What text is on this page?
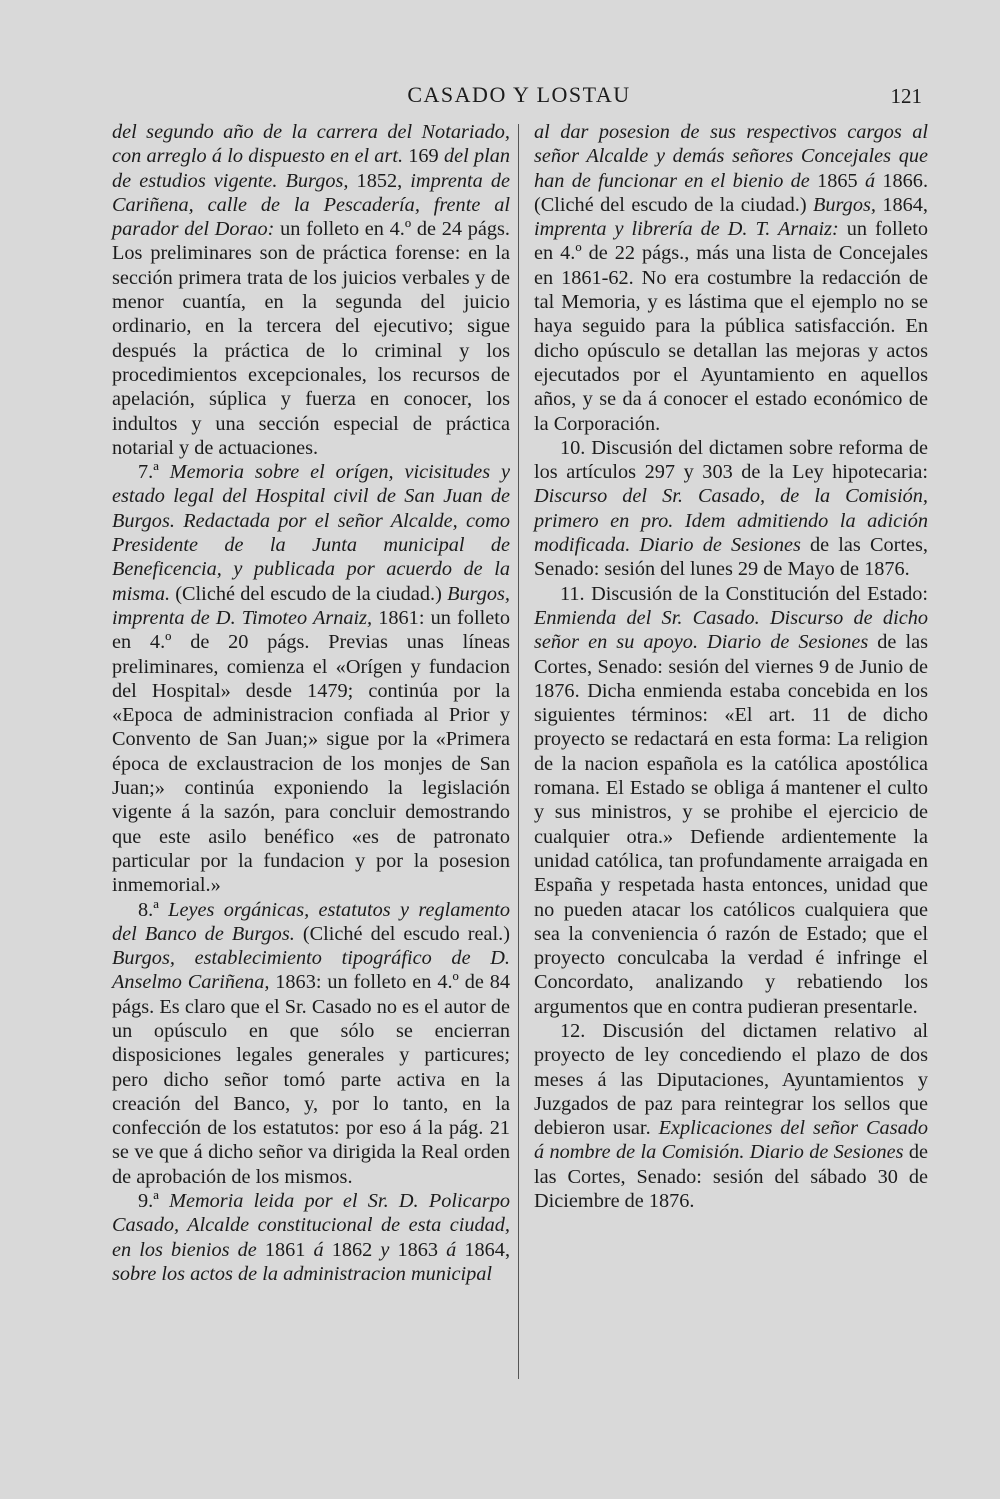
CASADO Y LOSTAU	121

del segundo año de la carrera del Notariado, con arreglo á lo dispuesto en el art. 169 del plan de estudios vigente. Burgos, 1852, imprenta de Cariñena, calle de la Pescadería, frente al parador del Dorao: un folleto en 4.º de 24 págs. Los preliminares son de práctica forense: en la sección primera trata de los juicios verbales y de menor cuantía, en la segunda del juicio ordinario, en la tercera del ejecutivo; sigue después la práctica de lo criminal y los procedimientos excepcionales, los recursos de apelación, súplica y fuerza en conocer, los indultos y una sección especial de práctica notarial y de actuaciones.

7.ª Memoria sobre el orígen, vicisitudes y estado legal del Hospital civil de San Juan de Burgos. Redactada por el señor Alcalde, como Presidente de la Junta municipal de Beneficencia, y publicada por acuerdo de la misma. (Cliché del escudo de la ciudad.) Burgos, imprenta de D. Timoteo Arnaiz, 1861: un folleto en 4.º de 20 págs. Previas unas líneas preliminares, comienza el «Orígen y fundacion del Hospital» desde 1479; continúa por la «Epoca de administracion confiada al Prior y Convento de San Juan;» sigue por la «Primera época de exclaustracion de los monjes de San Juan;» continúa exponiendo la legislación vigente á la sazón, para concluir demostrando que este asilo benéfico «es de patronato particular por la fundacion y por la posesion inmemorial.»

8.ª Leyes orgánicas, estatutos y reglamento del Banco de Burgos. (Cliché del escudo real.) Burgos, establecimiento tipográfico de D. Anselmo Cariñena, 1863: un folleto en 4.º de 84 págs. Es claro que el Sr. Casado no es el autor de un opúsculo en que sólo se encierran disposiciones legales generales y particures; pero dicho señor tomó parte activa en la creación del Banco, y, por lo tanto, en la confección de los estatutos: por eso á la pág. 21 se ve que á dicho señor va dirigida la Real orden de aprobación de los mismos.

9.ª Memoria leida por el Sr. D. Policarpo Casado, Alcalde constitucional de esta ciudad, en los bienios de 1861 á 1862 y 1863 á 1864, sobre los actos de la administracion municipal

al dar posesion de sus respectivos cargos al señor Alcalde y demás señores Concejales que han de funcionar en el bienio de 1865 á 1866. (Cliché del escudo de la ciudad.) Burgos, 1864, imprenta y librería de D. T. Arnaiz: un folleto en 4.º de 22 págs., más una lista de Concejales en 1861-62. No era costumbre la redacción de tal Memoria, y es lástima que el ejemplo no se haya seguido para la pública satisfacción. En dicho opúsculo se detallan las mejoras y actos ejecutados por el Ayuntamiento en aquellos años, y se da á conocer el estado económico de la Corporación.

10. Discusión del dictamen sobre reforma de los artículos 297 y 303 de la Ley hipotecaria: Discurso del Sr. Casado, de la Comisión, primero en pro. Idem admitiendo la adición modificada. Diario de Sesiones de las Cortes, Senado: sesión del lunes 29 de Mayo de 1876.

11. Discusión de la Constitución del Estado: Enmienda del Sr. Casado. Discurso de dicho señor en su apoyo. Diario de Sesiones de las Cortes, Senado: sesión del viernes 9 de Junio de 1876. Dicha enmienda estaba concebida en los siguientes términos: «El art. 11 de dicho proyecto se redactará en esta forma: La religion de la nacion española es la católica apostólica romana. El Estado se obliga á mantener el culto y sus ministros, y se prohibe el ejercicio de cualquier otra.» Defiende ardientemente la unidad católica, tan profundamente arraigada en España y respetada hasta entonces, unidad que no pueden atacar los católicos cualquiera que sea la conveniencia ó razón de Estado; que el proyecto conculcaba la verdad é infringe el Concordato, analizando y rebatiendo los argumentos que en contra pudieran presentarle.

12. Discusión del dictamen relativo al proyecto de ley concediendo el plazo de dos meses á las Diputaciones, Ayuntamientos y Juzgados de paz para reintegrar los sellos que debieron usar. Explicaciones del señor Casado á nombre de la Comisión. Diario de Sesiones de las Cortes, Senado: sesión del sábado 30 de Diciembre de 1876.
